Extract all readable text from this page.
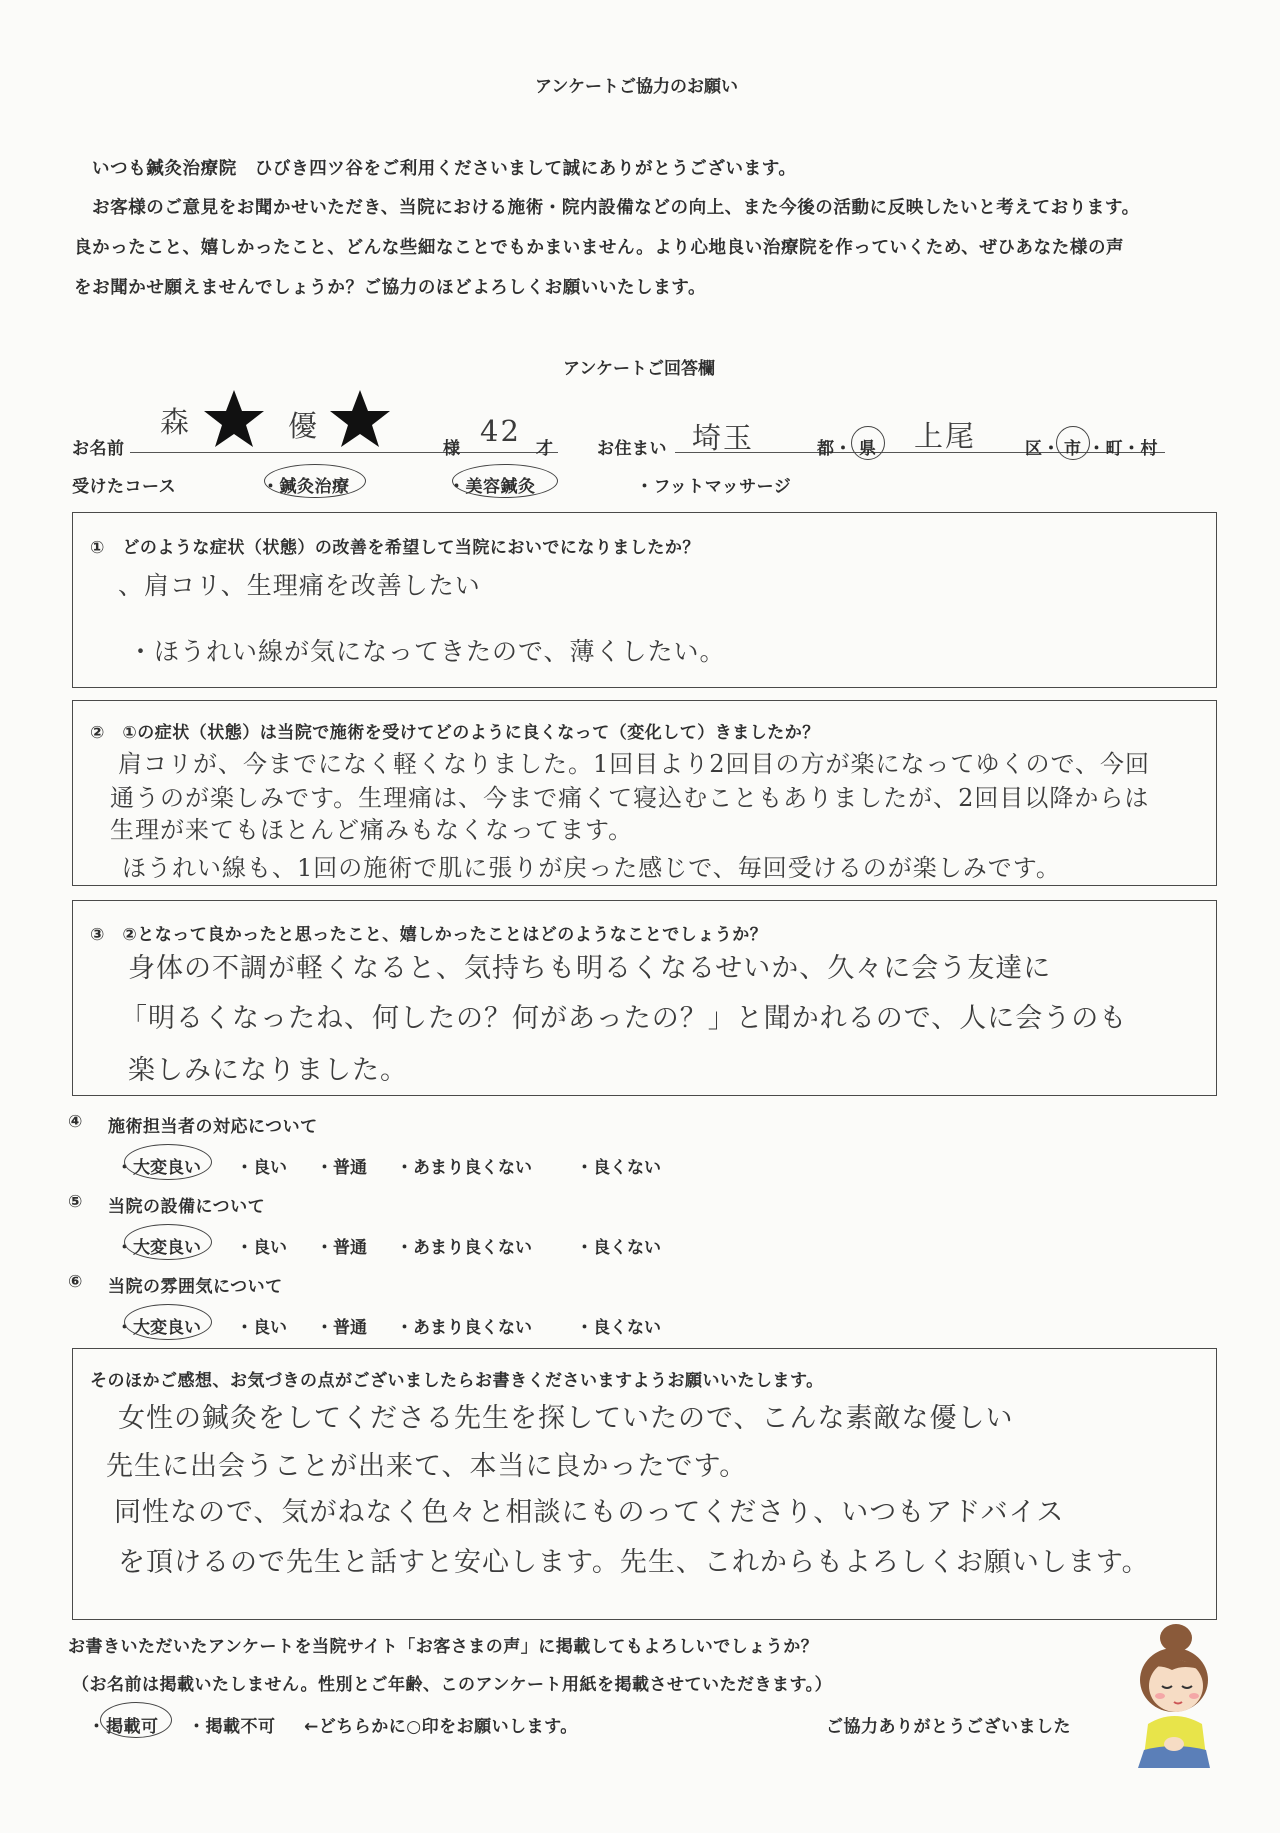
アンケートご協力のお願い
いつも鍼灸治療院　ひびき四ツ谷をご利用くださいまして誠にありがとうございます。
お客様のご意見をお聞かせいただき、当院における施術・院内設備などの向上、また今後の活動に反映したいと考えております。
良かったこと、嬉しかったこと、どんな些細なことでもかまいません。より心地良い治療院を作っていくため、ぜひあなた様の声
をお聞かせ願えませんでしょうか？ご協力のほどよろしくお願いいたします。
アンケートご回答欄
お名前
森	優
様
42
才	お住まい 埼玉	都・ 県 上尾	区・ 市 ・町・村
受けたコース	・鍼灸治療	・美容鍼灸	・フットマッサージ
①　どのような症状（状態）の改善を希望して当院においでになりましたか？
、肩コリ、生理痛を改善したい
・ほうれい線が気になってきたので、薄くしたい。
②　①の症状（状態）は当院で施術を受けてどのように良くなって（変化して）きましたか？
肩コリが、今までになく軽くなりました。1回目より2回目の方が楽になってゆくので、今回
通うのが楽しみです。生理痛は、今まで痛くて寝込むこともありましたが、2回目以降からは
生理が来てもほとんど痛みもなくなってます。
ほうれい線も、1回の施術で肌に張りが戻った感じで、毎回受けるのが楽しみです。
③　②となって良かったと思ったこと、嬉しかったことはどのようなことでしょうか？
身体の不調が軽くなると、気持ちも明るくなるせいか、久々に会う友達に
「明るくなったね、何したの？何があったの？」と聞かれるので、人に会うのも
楽しみになりました。
④ 施術担当者の対応について
・大変良い ・良い ・普通 ・あまり良くない	・良くない
⑤ 当院の設備について
・大変良い ・良い ・普通 ・あまり良くない	・良くない
⑥ 当院の雰囲気について
・大変良い ・良い ・普通 ・あまり良くない	・良くない
そのほかご感想、お気づきの点がございましたらお書きくださいますようお願いいたします。
女性の鍼灸をしてくださる先生を探していたので、こんな素敵な優しい
先生に出会うことが出来て、本当に良かったです。
同性なので、気がねなく色々と相談にものってくださり、いつもアドバイス
を頂けるので先生と話すと安心します。先生、これからもよろしくお願いします。
お書きいただいたアンケートを当院サイト「お客さまの声」に掲載してもよろしいでしょうか？
（お名前は掲載いたしません。性別とご年齢、このアンケート用紙を掲載させていただきます。）
・ 掲載可 ・掲載不可 ←どちらかに○印をお願いします。	ご協力ありがとうございました
